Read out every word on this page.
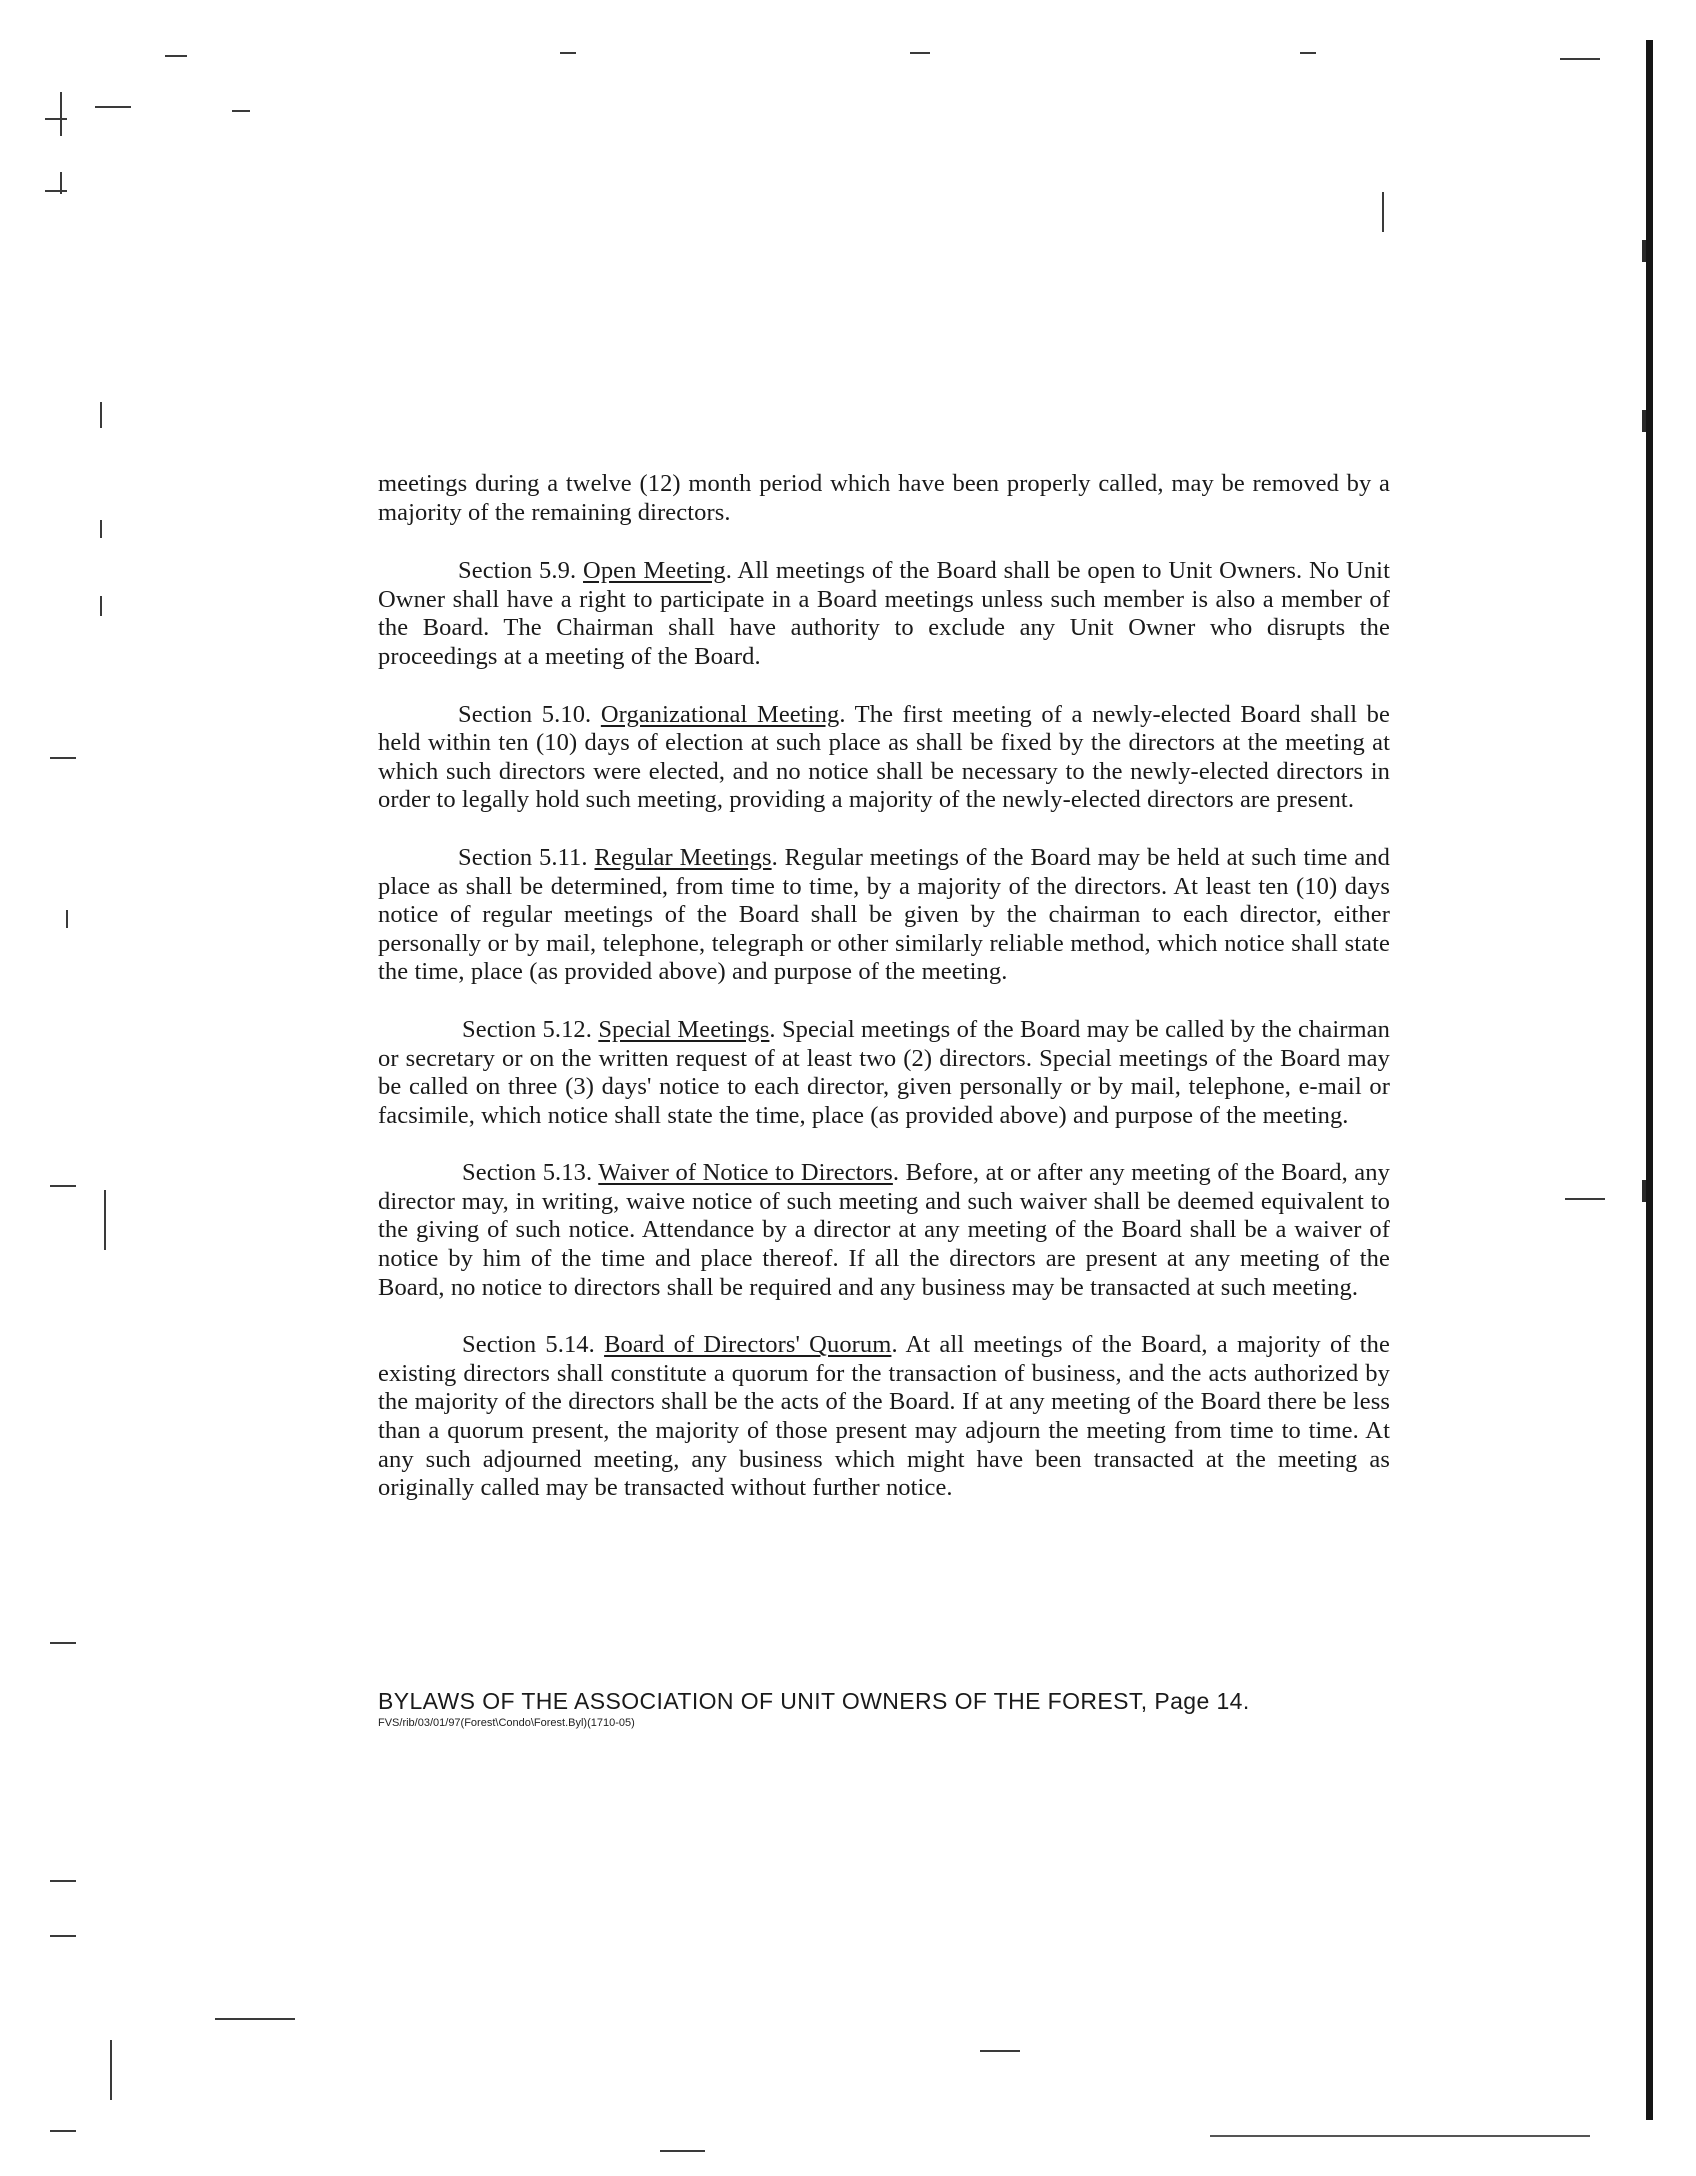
meetings during a twelve (12) month period which have been properly called, may be removed by a majority of the remaining directors.

Section 5.9. Open Meeting. All meetings of the Board shall be open to Unit Owners. No Unit Owner shall have a right to participate in a Board meetings unless such member is also a member of the Board. The Chairman shall have authority to exclude any Unit Owner who disrupts the proceedings at a meeting of the Board.

Section 5.10. Organizational Meeting. The first meeting of a newly-elected Board shall be held within ten (10) days of election at such place as shall be fixed by the directors at the meeting at which such directors were elected, and no notice shall be necessary to the newly-elected directors in order to legally hold such meeting, providing a majority of the newly-elected directors are present.

Section 5.11. Regular Meetings. Regular meetings of the Board may be held at such time and place as shall be determined, from time to time, by a majority of the directors. At least ten (10) days notice of regular meetings of the Board shall be given by the chairman to each director, either personally or by mail, telephone, telegraph or other similarly reliable method, which notice shall state the time, place (as provided above) and purpose of the meeting.

Section 5.12. Special Meetings. Special meetings of the Board may be called by the chairman or secretary or on the written request of at least two (2) directors. Special meetings of the Board may be called on three (3) days' notice to each director, given personally or by mail, telephone, e-mail or facsimile, which notice shall state the time, place (as provided above) and purpose of the meeting.

Section 5.13. Waiver of Notice to Directors. Before, at or after any meeting of the Board, any director may, in writing, waive notice of such meeting and such waiver shall be deemed equivalent to the giving of such notice. Attendance by a director at any meeting of the Board shall be a waiver of notice by him of the time and place thereof. If all the directors are present at any meeting of the Board, no notice to directors shall be required and any business may be transacted at such meeting.

Section 5.14. Board of Directors' Quorum. At all meetings of the Board, a majority of the existing directors shall constitute a quorum for the transaction of business, and the acts authorized by the majority of the directors shall be the acts of the Board. If at any meeting of the Board there be less than a quorum present, the majority of those present may adjourn the meeting from time to time. At any such adjourned meeting, any business which might have been transacted at the meeting as originally called may be transacted without further notice.

BYLAWS OF THE ASSOCIATION OF UNIT OWNERS OF THE FOREST, Page 14.
FVS/rib/03/01/97(Forest\Condo\Forest.Byl)(1710-05)
